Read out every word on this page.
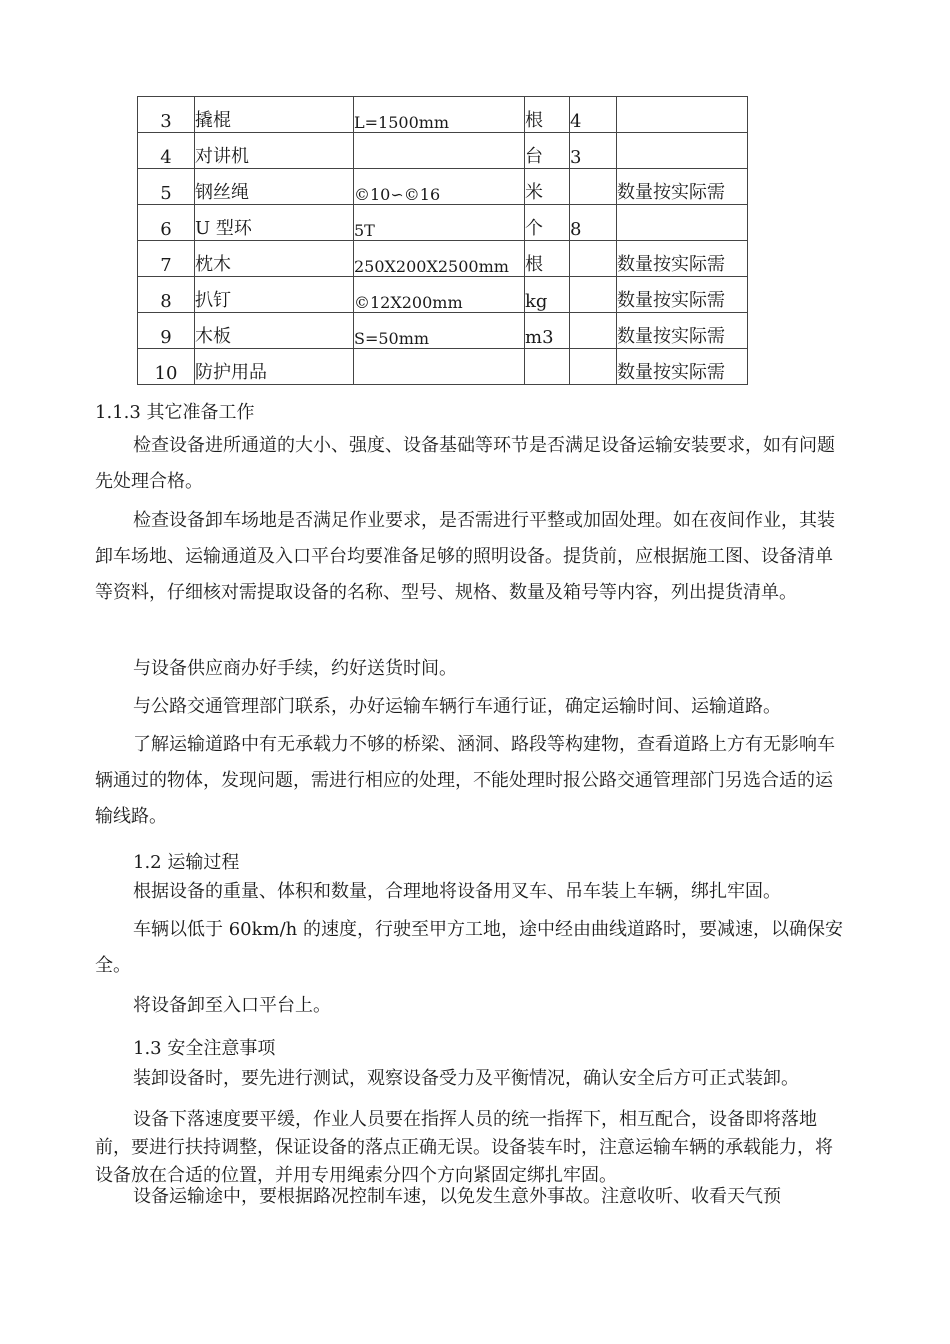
3	撬棍	L=1500mm	根	4	
4	对讲机		台	3	
5	钢丝绳	©10∽©16	米		数量按实际需
6	U 型环	5T	个	8	
7	枕木	250X200X2500mm	根		数量按实际需
8	扒钉	©12X200mm	kg		数量按实际需
9	木板	S=50mm	m3		数量按实际需
10	防护用品				数量按实际需

1.1.3 其它准备工作

检查设备进所通道的大小、强度、设备基础等环节是否满足设备运输安装要求，如有问题先处理合格。

检查设备卸车场地是否满足作业要求，是否需进行平整或加固处理。如在夜间作业，其装卸车场地、运输通道及入口平台均要准备足够的照明设备。提货前，应根据施工图、设备清单等资料，仔细核对需提取设备的名称、型号、规格、数量及箱号等内容，列出提货清单。

与设备供应商办好手续，约好送货时间。

与公路交通管理部门联系，办好运输车辆行车通行证，确定运输时间、运输道路。

了解运输道路中有无承载力不够的桥梁、涵洞、路段等构建物，查看道路上方有无影响车辆通过的物体，发现问题，需进行相应的处理，不能处理时报公路交通管理部门另选合适的运输线路。

1.2 运输过程

根据设备的重量、体积和数量，合理地将设备用叉车、吊车装上车辆，绑扎牢固。

车辆以低于 60km/h 的速度，行驶至甲方工地，途中经由曲线道路时，要减速，以确保安全。

将设备卸至入口平台上。

1.3 安全注意事项

装卸设备时，要先进行测试，观察设备受力及平衡情况，确认安全后方可正式装卸。

设备下落速度要平缓，作业人员要在指挥人员的统一指挥下，相互配合，设备即将落地前，要进行扶持调整，保证设备的落点正确无误。设备装车时，注意运输车辆的承载能力，将设备放在合适的位置，并用专用绳索分四个方向紧固定绑扎牢固。

设备运输途中，要根据路况控制车速，以免发生意外事故。注意收听、收看天气预
